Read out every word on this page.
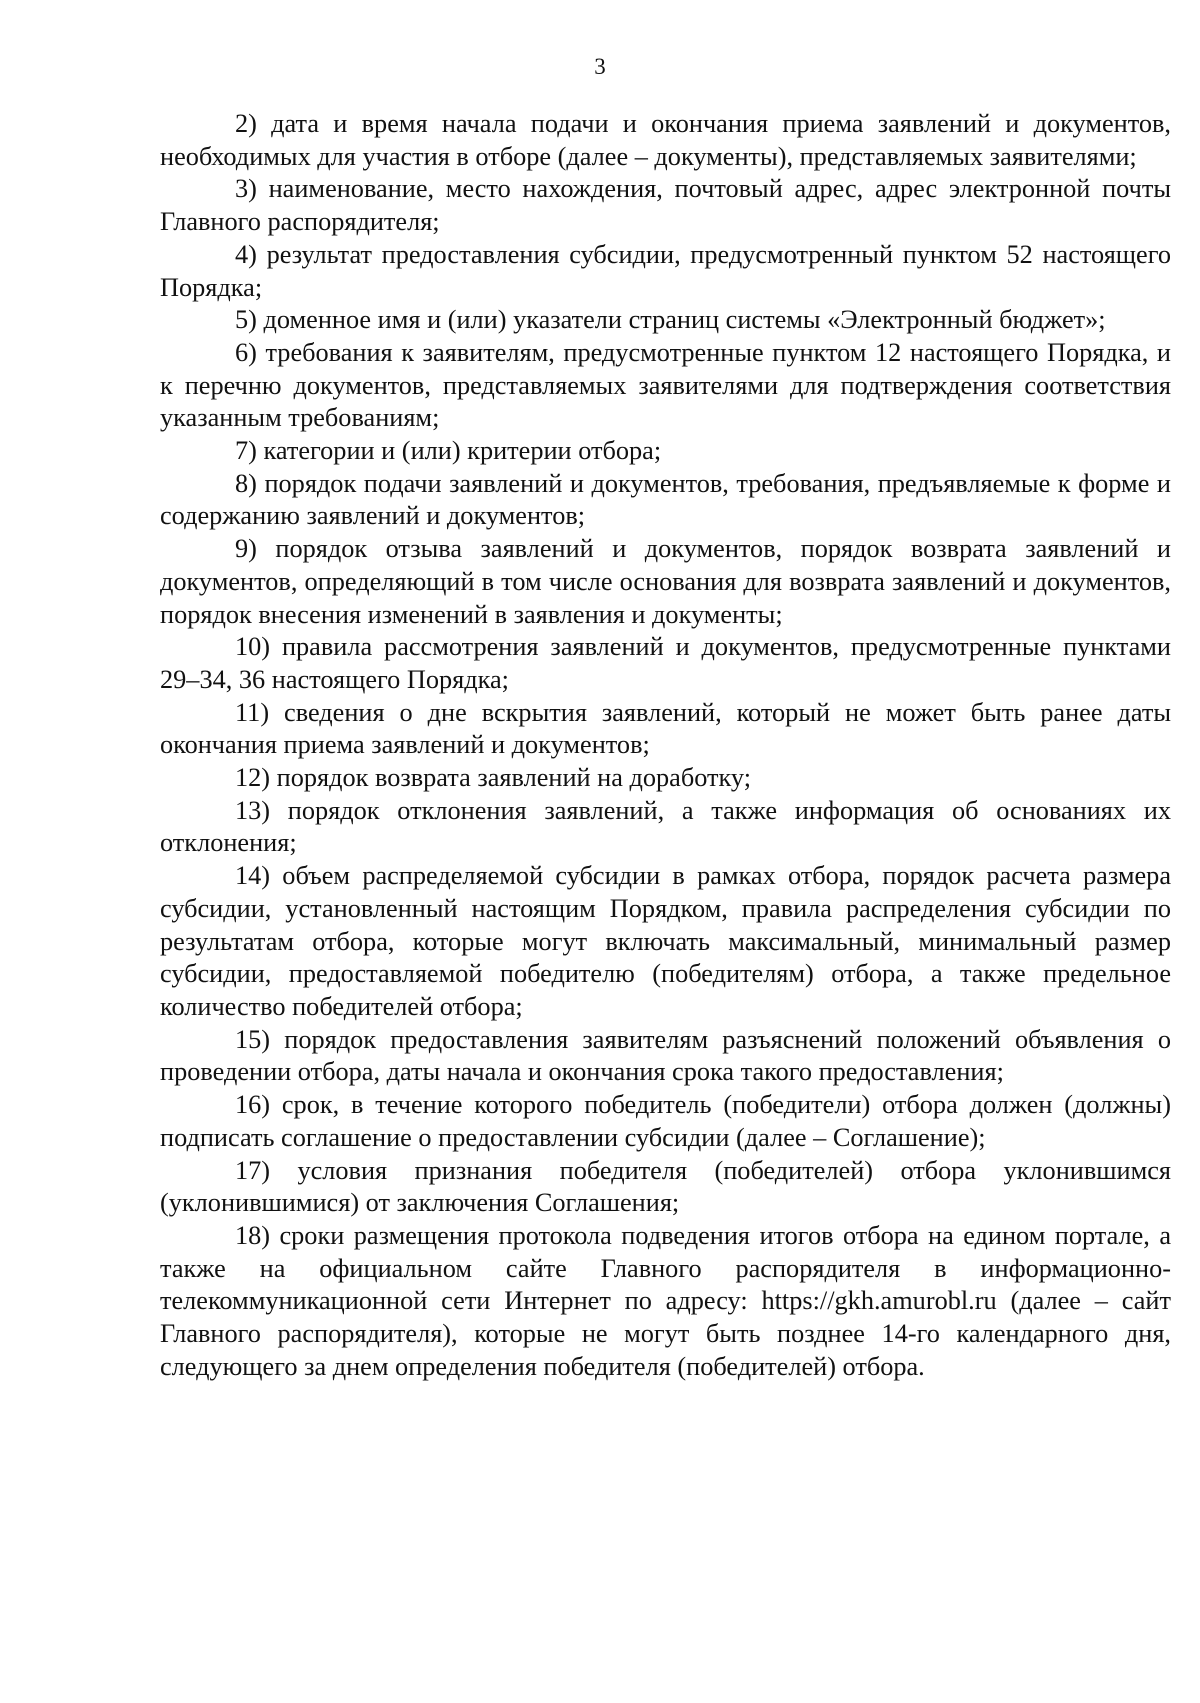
3

2) дата и время начала подачи и окончания приема заявлений и документов, необходимых для участия в отборе (далее – документы), представляемых заявителями;

3) наименование, место нахождения, почтовый адрес, адрес электронной почты Главного распорядителя;

4) результат предоставления субсидии, предусмотренный пунктом 52 настоящего Порядка;

5) доменное имя и (или) указатели страниц системы «Электронный бюджет»;

6) требования к заявителям, предусмотренные пунктом 12 настоящего Порядка, и к перечню документов, представляемых заявителями для подтверждения соответствия указанным требованиям;

7) категории и (или) критерии отбора;

8) порядок подачи заявлений и документов, требования, предъявляемые к форме и содержанию заявлений и документов;

9) порядок отзыва заявлений и документов, порядок возврата заявлений и документов, определяющий в том числе основания для возврата заявлений и документов, порядок внесения изменений в заявления и документы;

10) правила рассмотрения заявлений и документов, предусмотренные пунктами 29–34, 36 настоящего Порядка;

11) сведения о дне вскрытия заявлений, который не может быть ранее даты окончания приема заявлений и документов;

12) порядок возврата заявлений на доработку;

13) порядок отклонения заявлений, а также информация об основаниях их отклонения;

14) объем распределяемой субсидии в рамках отбора, порядок расчета размера субсидии, установленный настоящим Порядком, правила распределения субсидии по результатам отбора, которые могут включать максимальный, минимальный размер субсидии, предоставляемой победителю (победителям) отбора, а также предельное количество победителей отбора;

15) порядок предоставления заявителям разъяснений положений объявления о проведении отбора, даты начала и окончания срока такого предоставления;

16) срок, в течение которого победитель (победители) отбора должен (должны) подписать соглашение о предоставлении субсидии (далее – Соглашение);

17) условия признания победителя (победителей) отбора уклонившимся (уклонившимися) от заключения Соглашения;

18) сроки размещения протокола подведения итогов отбора на едином портале, а также на официальном сайте Главного распорядителя в информационно-телекоммуникационной сети Интернет по адресу: https://gkh.amurobl.ru (далее – сайт Главного распорядителя), которые не могут быть позднее 14-го календарного дня, следующего за днем определения победителя (победителей) отбора.
